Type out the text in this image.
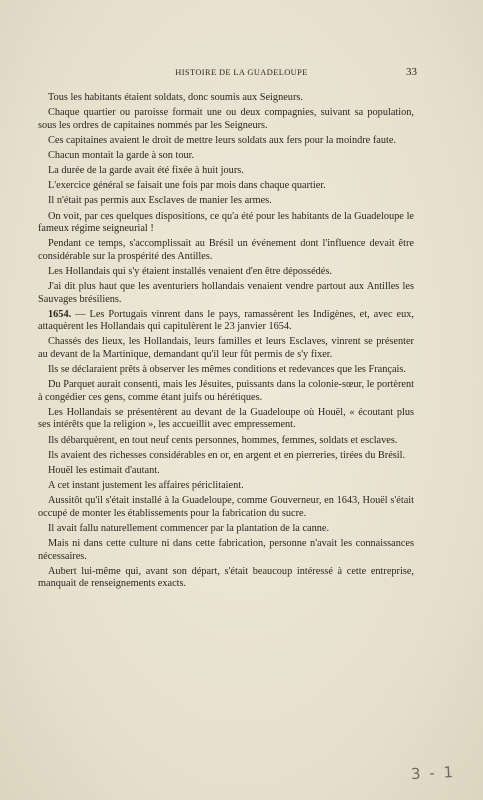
HISTOIRE DE LA GUADELOUPE	33

Tous les habitants étaient soldats, donc soumis aux Seigneurs.

Chaque quartier ou paroisse formait une ou deux compagnies, suivant sa population, sous les ordres de capitaines nommés par les Seigneurs.

Ces capitaines avaient le droit de mettre leurs soldats aux fers pour la moindre faute.

Chacun montait la garde à son tour.

La durée de la garde avait été fixée à huit jours.

L'exercice général se faisait une fois par mois dans chaque quartier.

Il n'était pas permis aux Esclaves de manier les armes.

On voit, par ces quelques dispositions, ce qu'a été pour les habitants de la Guadeloupe le fameux régime seigneurial !

Pendant ce temps, s'accomplissait au Brésil un événement dont l'influence devait être considérable sur la prospérité des Antilles.

Les Hollandais qui s'y étaient installés venaient d'en être dépossédés.

J'ai dit plus haut que les aventuriers hollandais venaient vendre partout aux Antilles les Sauvages brésiliens.

1654. — Les Portugais vinrent dans le pays, ramassèrent les Indigènes, et, avec eux, attaquèrent les Hollandais qui capitulèrent le 23 janvier 1654.

Chassés des lieux, les Hollandais, leurs familles et leurs Esclaves, vinrent se présenter au devant de la Martinique, demandant qu'il leur fût permis de s'y fixer.

Ils se déclaraient prêts à observer les mêmes conditions et redevances que les Français.

Du Parquet aurait consenti, mais les Jésuites, puissants dans la colonie-sœur, le portèrent à congédier ces gens, comme étant juifs ou hérétiques.

Les Hollandais se présentèrent au devant de la Guadeloupe où Houël, « écoutant plus ses intérêts que la religion », les accueillit avec empressement.

Ils débarquèrent, en tout neuf cents personnes, hommes, femmes, soldats et esclaves.

Ils avaient des richesses considérables en or, en argent et en pierreries, tirées du Brésil.

Houël les estimait d'autant.

A cet instant justement les affaires périclitaient.

Aussitôt qu'il s'était installé à la Guadeloupe, comme Gouverneur, en 1643, Houël s'était occupé de monter les établissements pour la fabrication du sucre.

Il avait fallu naturellement commencer par la plantation de la canne.

Mais ni dans cette culture ni dans cette fabrication, personne n'avait les connaissances nécessaires.

Aubert lui-même qui, avant son départ, s'était beaucoup intéressé à cette entreprise, manquait de renseignements exacts.

3 - 1
